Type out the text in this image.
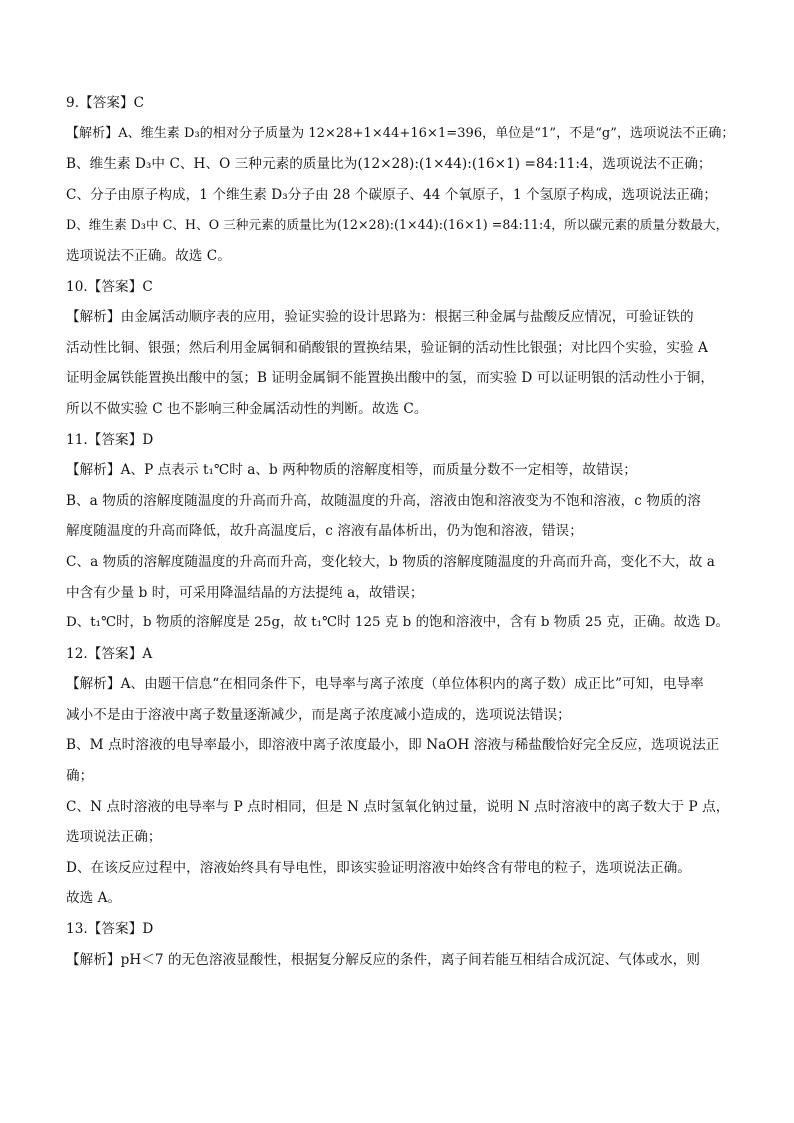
9.【答案】C
【解析】A、维生素 D₃的相对分子质量为 12×28+1×44+16×1=396，单位是“1”，不是“g”，选项说法不正确；
B、维生素 D₃中 C、H、O 三种元素的质量比为(12×28):(1×44):(16×1) =84:11:4，选项说法不正确；
C、分子由原子构成，1 个维生素 D₃分子由 28 个碳原子、44 个氧原子，1 个氢原子构成，选项说法正确；
D、维生素 D₃中 C、H、O 三种元素的质量比为(12×28):(1×44):(16×1) =84:11:4，所以碳元素的质量分数最大，
选项说法不正确。故选 C。
10.【答案】C
【解析】由金属活动顺序表的应用，验证实验的设计思路为：根据三种金属与盐酸反应情况，可验证铁的
活动性比铜、银强；然后利用金属铜和硝酸银的置换结果，验证铜的活动性比银强；对比四个实验，实验 A
证明金属铁能置换出酸中的氢；B 证明金属铜不能置换出酸中的氢，而实验 D 可以证明银的活动性小于铜，
所以不做实验 C 也不影响三种金属活动性的判断。故选 C。
11.【答案】D
【解析】A、P 点表示 t₁℃时 a、b 两种物质的溶解度相等，而质量分数不一定相等，故错误；
B、a 物质的溶解度随温度的升高而升高，故随温度的升高，溶液由饱和溶液变为不饱和溶液，c 物质的溶
解度随温度的升高而降低，故升高温度后，c 溶液有晶体析出，仍为饱和溶液，错误；
C、a 物质的溶解度随温度的升高而升高，变化较大，b 物质的溶解度随温度的升高而升高，变化不大，故 a
中含有少量 b 时，可采用降温结晶的方法提纯 a，故错误；
D、t₁℃时，b 物质的溶解度是 25g，故 t₁℃时 125 克 b 的饱和溶液中，含有 b 物质 25 克，正确。故选 D。
12.【答案】A
【解析】A、由题干信息“在相同条件下，电导率与离子浓度（单位体积内的离子数）成正比”可知，电导率
减小不是由于溶液中离子数量逐渐减少，而是离子浓度减小造成的，选项说法错误；
B、M 点时溶液的电导率最小，即溶液中离子浓度最小，即 NaOH 溶液与稀盐酸恰好完全反应，选项说法正
确；
C、N 点时溶液的电导率与 P 点时相同，但是 N 点时氢氧化钠过量，说明 N 点时溶液中的离子数大于 P 点，
选项说法正确；
D、在该反应过程中，溶液始终具有导电性，即该实验证明溶液中始终含有带电的粒子，选项说法正确。
故选 A。
13.【答案】D
【解析】pH＜7 的无色溶液显酸性，根据复分解反应的条件，离子间若能互相结合成沉淀、气体或水，则
